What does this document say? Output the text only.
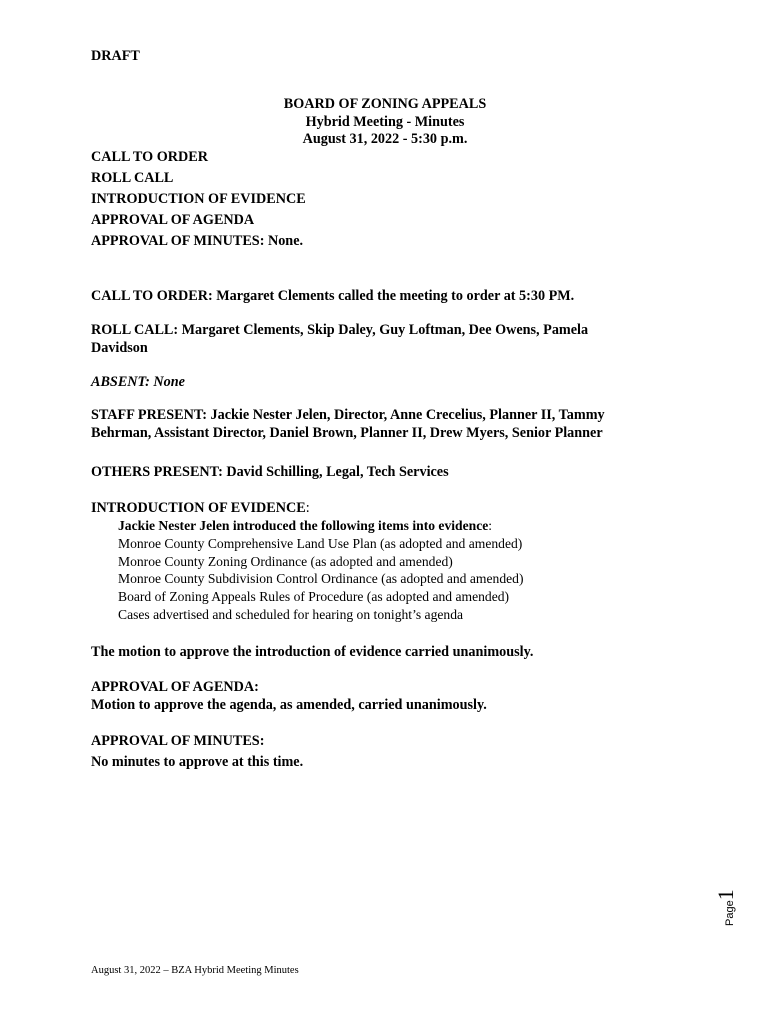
DRAFT
BOARD OF ZONING APPEALS
Hybrid Meeting - Minutes
August 31, 2022 - 5:30 p.m.
CALL TO ORDER
ROLL CALL
INTRODUCTION OF EVIDENCE
APPROVAL OF AGENDA
APPROVAL OF MINUTES: None.
CALL TO ORDER: Margaret Clements called the meeting to order at 5:30 PM.
ROLL CALL: Margaret Clements, Skip Daley, Guy Loftman, Dee Owens, Pamela
Davidson
ABSENT: None
STAFF PRESENT: Jackie Nester Jelen, Director, Anne Crecelius, Planner II, Tammy
Behrman, Assistant Director, Daniel Brown, Planner II, Drew Myers, Senior Planner
OTHERS PRESENT: David Schilling, Legal, Tech Services
INTRODUCTION OF EVIDENCE:
Jackie Nester Jelen introduced the following items into evidence:
Monroe County Comprehensive Land Use Plan (as adopted and amended)
Monroe County Zoning Ordinance (as adopted and amended)
Monroe County Subdivision Control Ordinance (as adopted and amended)
Board of Zoning Appeals Rules of Procedure (as adopted and amended)
Cases advertised and scheduled for hearing on tonight’s agenda
The motion to approve the introduction of evidence carried unanimously.
APPROVAL OF AGENDA:
Motion to approve the agenda, as amended, carried unanimously.
APPROVAL OF MINUTES:
No minutes to approve at this time.
Page1
August 31, 2022 – BZA Hybrid Meeting Minutes
